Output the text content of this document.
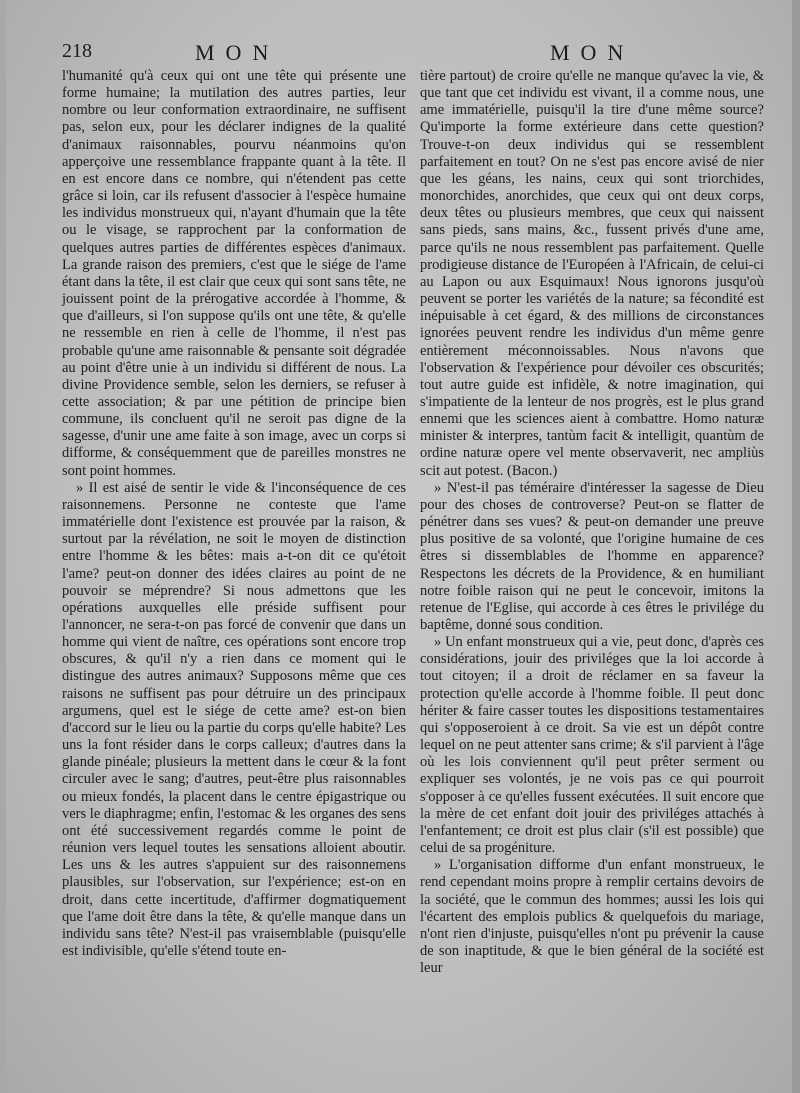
218	MON	MON

l'humanité qu'à ceux qui ont une tête qui présente une forme humaine; la mutilation des autres parties, leur nombre ou leur conformation extraordinaire, ne suffisent pas, selon eux, pour les déclarer indignes de la qualité d'animaux raisonnables, pourvu néanmoins qu'on apperçoive une ressemblance frappante quant à la tête. Il en est encore dans ce nombre, qui n'étendent pas cette grâce si loin, car ils refusent d'associer à l'espèce humaine les individus monstrueux qui, n'ayant d'humain que la tête ou le visage, se rapprochent par la conformation de quelques autres parties de différentes espèces d'animaux. La grande raison des premiers, c'est que le siége de l'ame étant dans la tête, il est clair que ceux qui sont sans tête, ne jouissent point de la prérogative accordée à l'homme, & que d'ailleurs, si l'on suppose qu'ils ont une tête, & qu'elle ne ressemble en rien à celle de l'homme, il n'est pas probable qu'une ame raisonnable & pensante soit dégradée au point d'être unie à un individu si différent de nous. La divine Providence semble, selon les derniers, se refuser à cette association; & par une pétition de principe bien commune, ils concluent qu'il ne seroit pas digne de la sagesse, d'unir une ame faite à son image, avec un corps si difforme, & conséquemment que de pareilles monstres ne sont point hommes.

» Il est aisé de sentir le vide & l'inconséquence de ces raisonnemens. Personne ne conteste que l'ame immatérielle dont l'existence est prouvée par la raison, & surtout par la révélation, ne soit le moyen de distinction entre l'homme & les bêtes: mais a-t-on dit ce qu'étoit l'ame? peut-on donner des idées claires au point de ne pouvoir se méprendre? Si nous admettons que les opérations auxquelles elle préside suffisent pour l'annoncer, ne sera-t-on pas forcé de convenir que dans un homme qui vient de naître, ces opérations sont encore trop obscures, & qu'il n'y a rien dans ce moment qui le distingue des autres animaux? Supposons même que ces raisons ne suffisent pas pour détruire un des principaux argumens, quel est le siége de cette ame? est-on bien d'accord sur le lieu ou la partie du corps qu'elle habite? Les uns la font résider dans le corps calleux; d'autres dans la glande pinéale; plusieurs la mettent dans le cœur & la font circuler avec le sang; d'autres, peut-être plus raisonnables ou mieux fondés, la placent dans le centre épigastrique ou vers le diaphragme; enfin, l'estomac & les organes des sens ont été successivement regardés comme le point de réunion vers lequel toutes les sensations alloient aboutir. Les uns & les autres s'appuient sur des raisonnemens plausibles, sur l'observation, sur l'expérience; est-on en droit, dans cette incertitude, d'affirmer dogmatiquement que l'ame doit être dans la tête, & qu'elle manque dans un individu sans tête? N'est-il pas vraisemblable (puisqu'elle est indivisible, qu'elle s'étend toute en-

tière partout) de croire qu'elle ne manque qu'avec la vie, & que tant que cet individu est vivant, il a comme nous, une ame immatérielle, puisqu'il la tire d'une même source? Qu'importe la forme extérieure dans cette question? Trouve-t-on deux individus qui se ressemblent parfaitement en tout? On ne s'est pas encore avisé de nier que les géans, les nains, ceux qui sont triorchides, monorchides, anorchides, que ceux qui ont deux corps, deux têtes ou plusieurs membres, que ceux qui naissent sans pieds, sans mains, &c., fussent privés d'une ame, parce qu'ils ne nous ressemblent pas parfaitement. Quelle prodigieuse distance de l'Européen à l'Africain, de celui-ci au Lapon ou aux Esquimaux! Nous ignorons jusqu'où peuvent se porter les variétés de la nature; sa fécondité est inépuisable à cet égard, & des millions de circonstances ignorées peuvent rendre les individus d'un même genre entièrement méconnoissables. Nous n'avons que l'observation & l'expérience pour dévoiler ces obscurités; tout autre guide est infidèle, & notre imagination, qui s'impatiente de la lenteur de nos progrès, est le plus grand ennemi que les sciences aient à combattre. Homo naturæ minister & interpres, tantùm facit & intelligit, quantùm de ordine naturæ opere vel mente observaverit, nec ampliùs scit aut potest. (Bacon.)

» N'est-il pas téméraire d'intéresser la sagesse de Dieu pour des choses de controverse? Peut-on se flatter de pénétrer dans ses vues? & peut-on demander une preuve plus positive de sa volonté, que l'origine humaine de ces êtres si dissemblables de l'homme en apparence? Respectons les décrets de la Providence, & en humiliant notre foible raison qui ne peut le concevoir, imitons la retenue de l'Eglise, qui accorde à ces êtres le privilége du baptême, donné sous condition.

» Un enfant monstrueux qui a vie, peut donc, d'après ces considérations, jouir des priviléges que la loi accorde à tout citoyen; il a droit de réclamer en sa faveur la protection qu'elle accorde à l'homme foible. Il peut donc hériter & faire casser toutes les dispositions testamentaires qui s'opposeroient à ce droit. Sa vie est un dépôt contre lequel on ne peut attenter sans crime; & s'il parvient à l'âge où les lois conviennent qu'il peut prêter serment ou expliquer ses volontés, je ne vois pas ce qui pourroit s'opposer à ce qu'elles fussent exécutées. Il suit encore que la mère de cet enfant doit jouir des priviléges attachés à l'enfantement; ce droit est plus clair (s'il est possible) que celui de sa progéniture.

» L'organisation difforme d'un enfant monstrueux, le rend cependant moins propre à remplir certains devoirs de la société, que le commun des hommes; aussi les lois qui l'écartent des emplois publics & quelquefois du mariage, n'ont rien d'injuste, puisqu'elles n'ont pu prévenir la cause de son inaptitude, & que le bien général de la société est leur
